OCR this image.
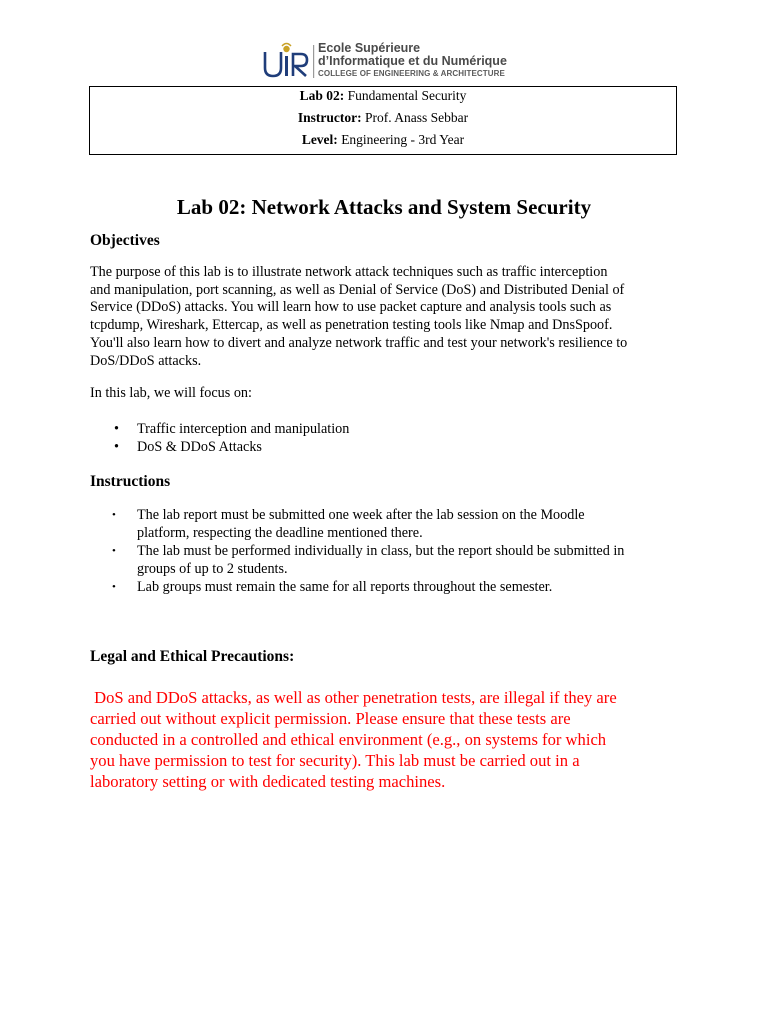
Ecole Supérieure
d’Informatique et du Numérique
COLLEGE OF ENGINEERING & ARCHITECTURE
Lab 02: Fundamental Security
Instructor: Prof. Anass Sebbar
Level: Engineering - 3rd Year
Lab 02: Network Attacks and System Security
Objectives
The purpose of this lab is to illustrate network attack techniques such as traffic interception
and manipulation, port scanning, as well as Denial of Service (DoS) and Distributed Denial of
Service (DDoS) attacks. You will learn how to use packet capture and analysis tools such as
tcpdump, Wireshark, Ettercap, as well as penetration testing tools like Nmap and DnsSpoof.
You'll also learn how to divert and analyze network traffic and test your network's resilience to
DoS/DDoS attacks.
In this lab, we will focus on:
• Traffic interception and manipulation
• DoS & DDoS Attacks
Instructions
• The lab report must be submitted one week after the lab session on the Moodle
platform, respecting the deadline mentioned there.
• The lab must be performed individually in class, but the report should be submitted in
groups of up to 2 students.
• Lab groups must remain the same for all reports throughout the semester.
Legal and Ethical Precautions:
DoS and DDoS attacks, as well as other penetration tests, are illegal if they are
carried out without explicit permission. Please ensure that these tests are
conducted in a controlled and ethical environment (e.g., on systems for which
you have permission to test for security). This lab must be carried out in a
laboratory setting or with dedicated testing machines.
